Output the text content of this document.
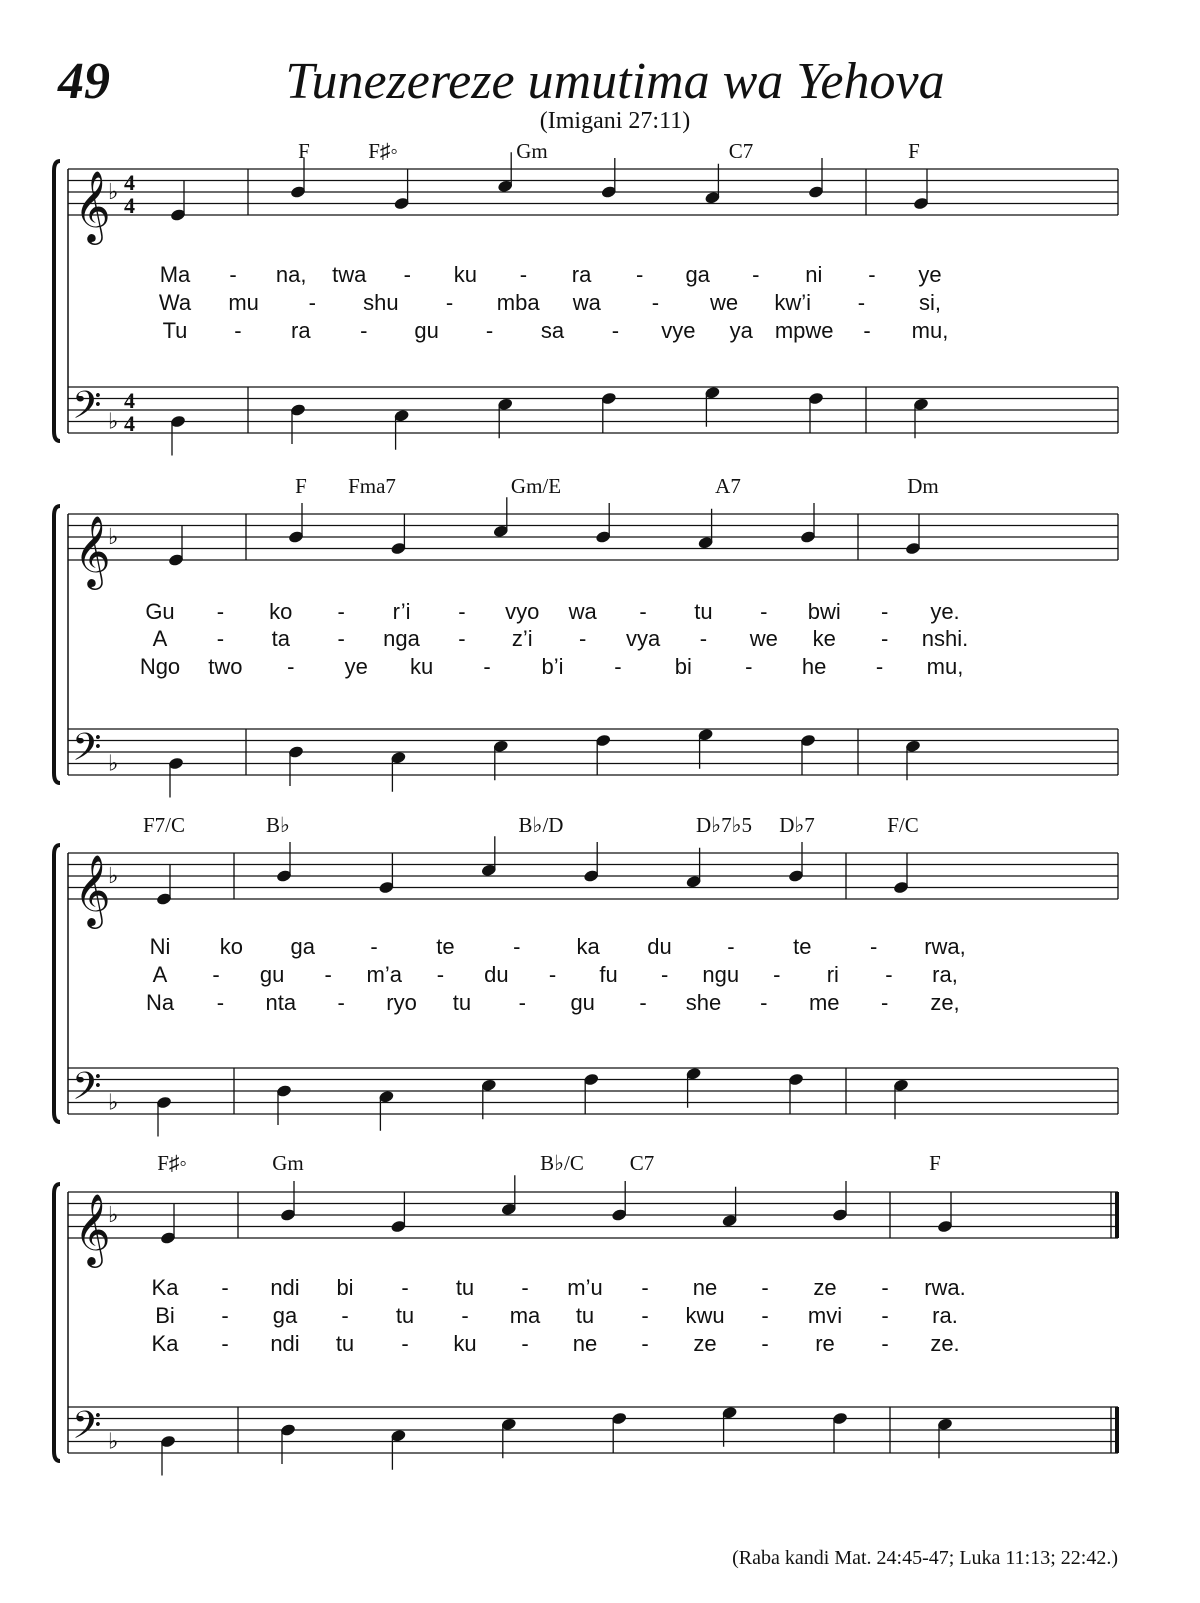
49	Tunezereze umutima wa Yehova
(Imigani 27:11)
𝄞
𝄢
♭
♭
4
4
4
4
F	F♯◦	Gm	C7	F
Ma - na, twa - ku - ra - ga - ni - ye
Wa mu - shu - mba wa - we kw’i - si,
Tu - ra - gu - sa - vye ya mpwe - mu,
𝄞
𝄢
♭
♭
F Fma7	Gm/E	A7	Dm
Gu - ko - r’i - vyo wa - tu - bwi - ye.
A - ta - nga - z’i - vya - we ke - nshi.
Ngo two - ye ku - b’i - bi - he - mu,
𝄞
𝄢
♭
♭
F7/C	B♭	B♭/D	D♭7♭5 D♭7	F/C
Ni ko ga	-	te	-	ka du	-	te	- rwa,
A - gu - m’a - du - fu - ngu - ri - ra,
Na - nta - ryo tu - gu - she - me - ze,
𝄞
𝄢
♭
♭
F♯◦	Gm	B♭/C C7	F
Ka - ndi bi - tu - m’u - ne - ze - rwa.
Bi - ga - tu - ma tu - kwu - mvi - ra.
Ka - ndi tu - ku - ne - ze - re - ze.
(Raba kandi Mat. 24:45-47; Luka 11:13; 22:42.)
